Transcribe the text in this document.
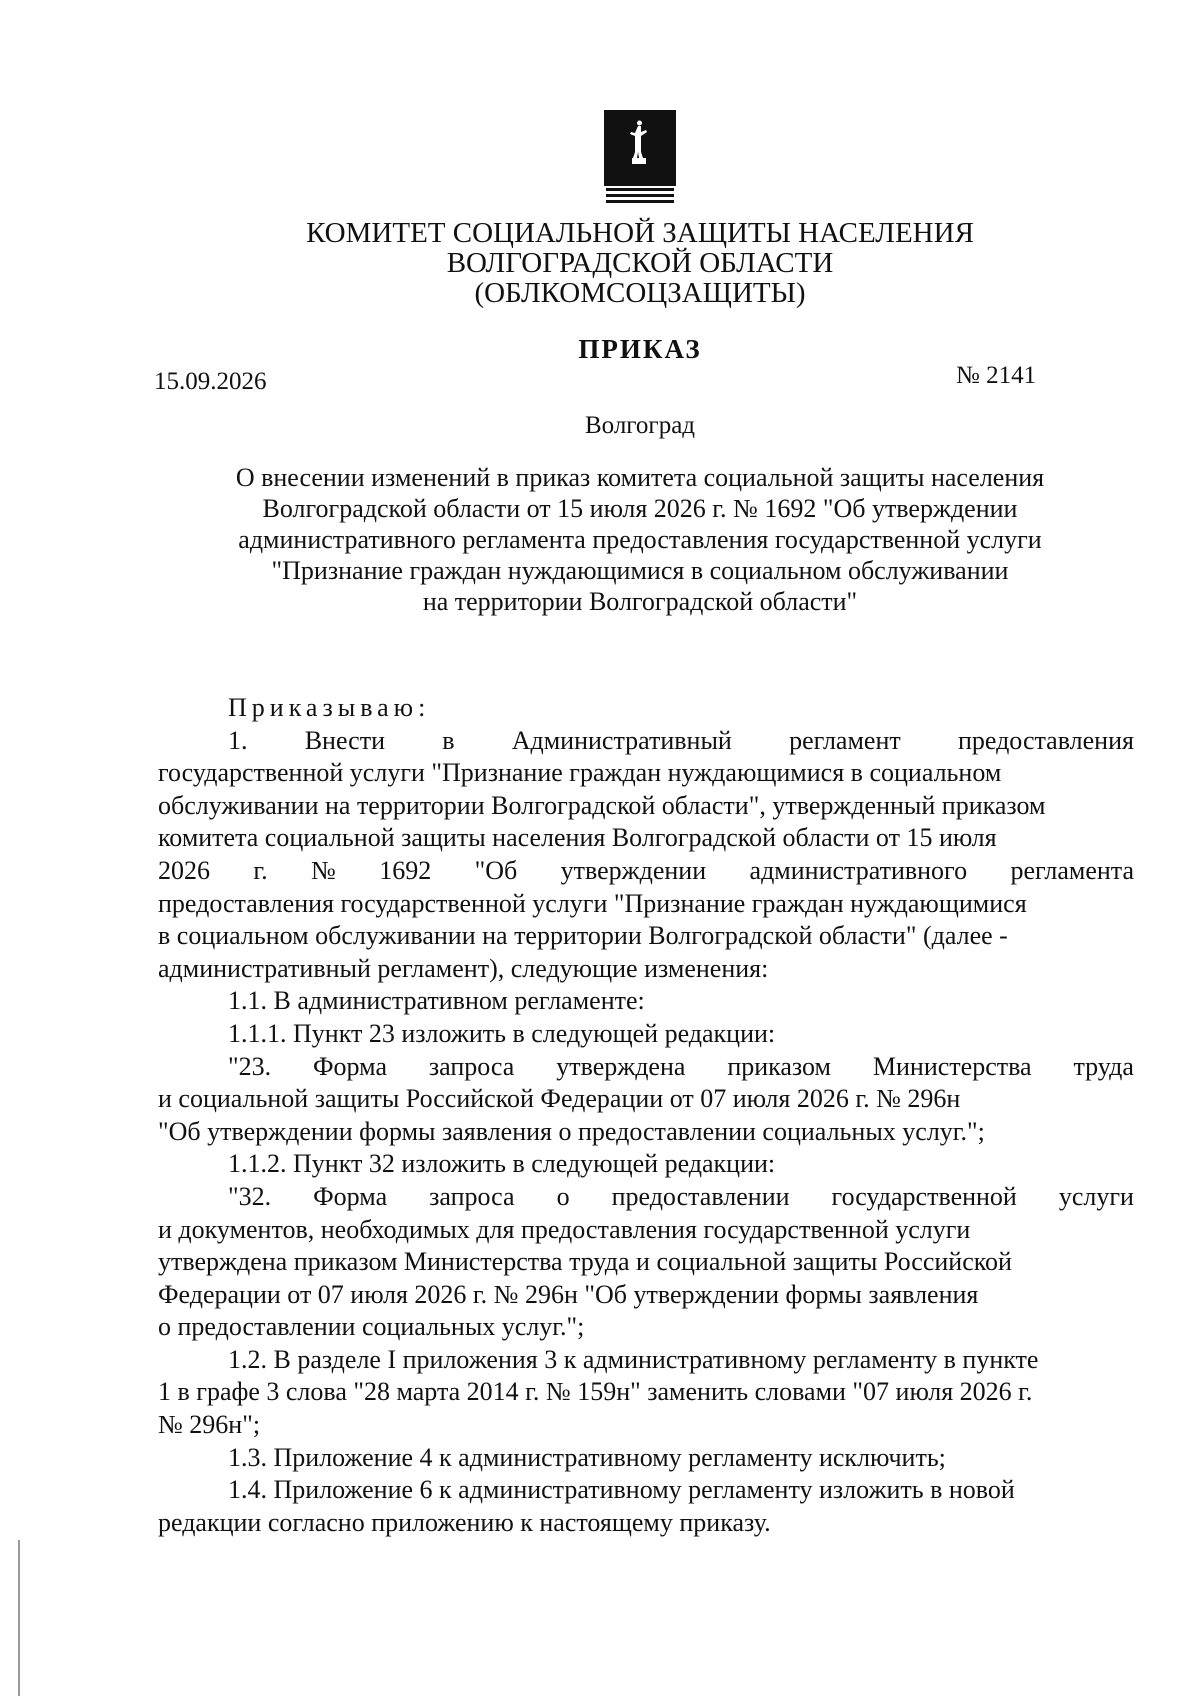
КОМИТЕТ СОЦИАЛЬНОЙ ЗАЩИТЫ НАСЕЛЕНИЯ
ВОЛГОГРАДСКОЙ ОБЛАСТИ
(ОБЛКОМСОЦЗАЩИТЫ)
ПРИКАЗ
15.09.2026	№ 2141
Волгоград
О внесении изменений в приказ комитета социальной защиты населения
Волгоградской области от 15 июля 2026 г. № 1692 "Об утверждении
административного регламента предоставления государственной услуги
"Признание граждан нуждающимися в социальном обслуживании
на территории Волгоградской области"
Приказываю:
1. Внести в Административный регламент предоставления
государственной услуги "Признание граждан нуждающимися в социальном
обслуживании на территории Волгоградской области", утвержденный приказом
комитета социальной защиты населения Волгоградской области от 15 июля
2026 г. № 1692 "Об утверждении административного регламента
предоставления государственной услуги "Признание граждан нуждающимися
в социальном обслуживании на территории Волгоградской области" (далее -
административный регламент), следующие изменения:
1.1. В административном регламенте:
1.1.1. Пункт 23 изложить в следующей редакции:
"23. Форма запроса утверждена приказом Министерства труда
и социальной защиты Российской Федерации от 07 июля 2026 г. № 296н
"Об утверждении формы заявления о предоставлении социальных услуг.";
1.1.2. Пункт 32 изложить в следующей редакции:
"32. Форма запроса о предоставлении государственной услуги
и документов, необходимых для предоставления государственной услуги
утверждена приказом Министерства труда и социальной защиты Российской
Федерации от 07 июля 2026 г. № 296н "Об утверждении формы заявления
о предоставлении социальных услуг.";
1.2. В разделе I приложения 3 к административному регламенту в пункте
1 в графе 3 слова "28 марта 2014 г. № 159н" заменить словами "07 июля 2026 г.
№ 296н";
1.3. Приложение 4 к административному регламенту исключить;
1.4. Приложение 6 к административному регламенту изложить в новой
редакции согласно приложению к настоящему приказу.
